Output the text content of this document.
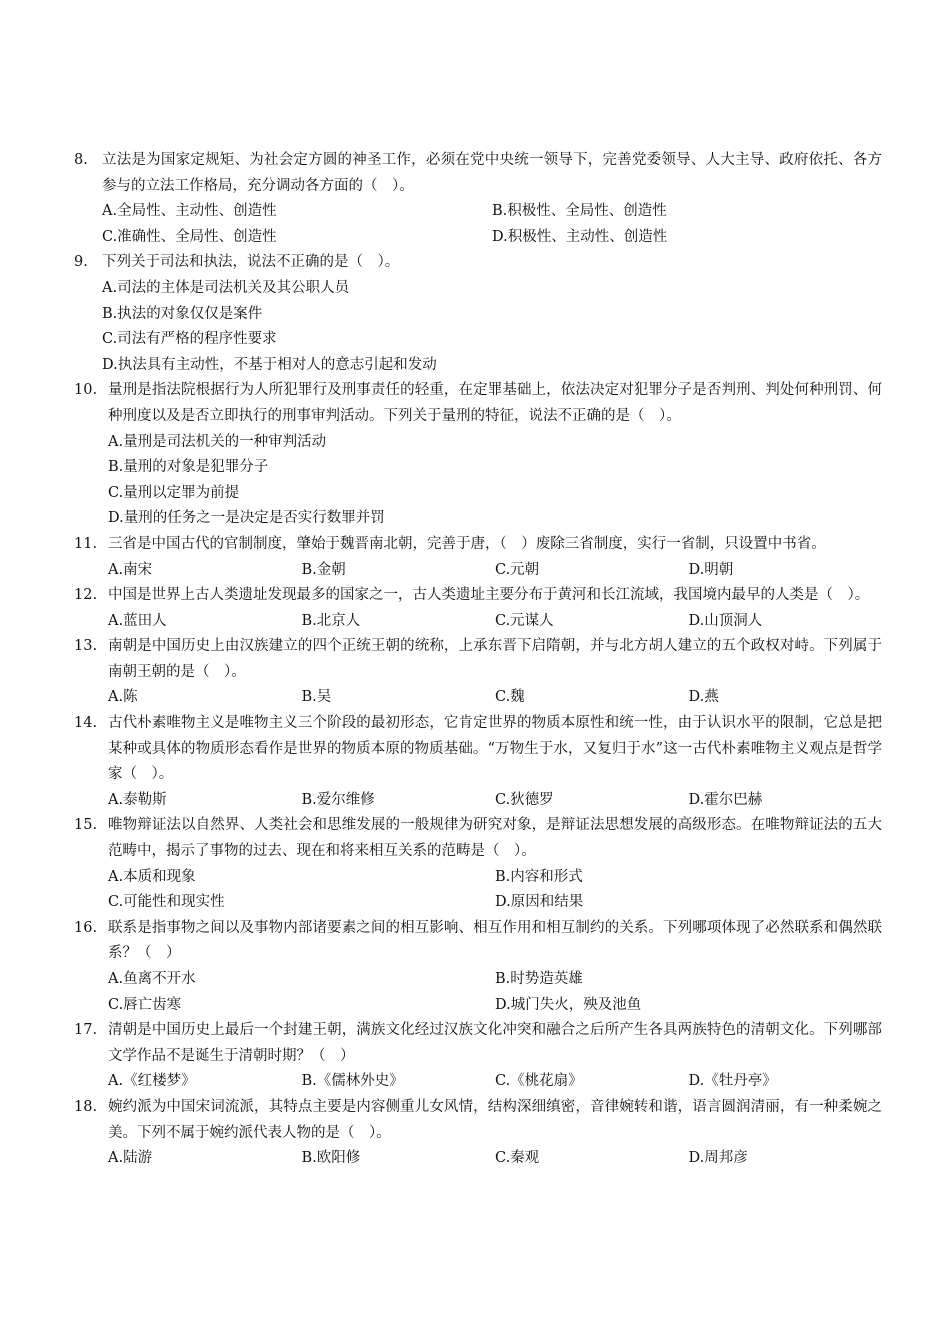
8. 立法是为国家定规矩、为社会定方圆的神圣工作，必须在党中央统一领导下，完善党委领导、人大主导、政府依托、各方参与的立法工作格局，充分调动各方面的（　）。
A.全局性、主动性、创造性	B.积极性、全局性、创造性
C.准确性、全局性、创造性	D.积极性、主动性、创造性
9. 下列关于司法和执法，说法不正确的是（　）。
A.司法的主体是司法机关及其公职人员
B.执法的对象仅仅是案件
C.司法有严格的程序性要求
D.执法具有主动性，不基于相对人的意志引起和发动
10. 量刑是指法院根据行为人所犯罪行及刑事责任的轻重，在定罪基础上，依法决定对犯罪分子是否判刑、判处何种刑罚、何种刑度以及是否立即执行的刑事审判活动。下列关于量刑的特征，说法不正确的是（　）。
A.量刑是司法机关的一种审判活动
B.量刑的对象是犯罪分子
C.量刑以定罪为前提
D.量刑的任务之一是决定是否实行数罪并罚
11. 三省是中国古代的官制制度，肇始于魏晋南北朝，完善于唐，（　）废除三省制度，实行一省制，只设置中书省。
A.南宋	B.金朝	C.元朝	D.明朝
12. 中国是世界上古人类遗址发现最多的国家之一，古人类遗址主要分布于黄河和长江流域，我国境内最早的人类是（　）。
A.蓝田人	B.北京人	C.元谋人	D.山顶洞人
13. 南朝是中国历史上由汉族建立的四个正统王朝的统称，上承东晋下启隋朝，并与北方胡人建立的五个政权对峙。下列属于南朝王朝的是（　）。
A.陈	B.吴	C.魏	D.燕
14. 古代朴素唯物主义是唯物主义三个阶段的最初形态，它肯定世界的物质本原性和统一性，由于认识水平的限制，它总是把某种或具体的物质形态看作是世界的物质本原的物质基础。“万物生于水，又复归于水”这一古代朴素唯物主义观点是哲学家（　）。
A.泰勒斯	B.爱尔维修	C.狄德罗	D.霍尔巴赫
15. 唯物辩证法以自然界、人类社会和思维发展的一般规律为研究对象，是辩证法思想发展的高级形态。在唯物辩证法的五大范畴中，揭示了事物的过去、现在和将来相互关系的范畴是（　）。
A.本质和现象	B.内容和形式
C.可能性和现实性	D.原因和结果
16. 联系是指事物之间以及事物内部诸要素之间的相互影响、相互作用和相互制约的关系。下列哪项体现了必然联系和偶然联系？（　）
A.鱼离不开水	B.时势造英雄
C.唇亡齿寒	D.城门失火，殃及池鱼
17. 清朝是中国历史上最后一个封建王朝，满族文化经过汉族文化冲突和融合之后所产生各具两族特色的清朝文化。下列哪部文学作品不是诞生于清朝时期？（　）
A.《红楼梦》	B.《儒林外史》	C.《桃花扇》	D.《牡丹亭》
18. 婉约派为中国宋词流派，其特点主要是内容侧重儿女风情，结构深细缜密，音律婉转和谐，语言圆润清丽，有一种柔婉之美。下列不属于婉约派代表人物的是（　）。
A.陆游	B.欧阳修	C.秦观	D.周邦彦
